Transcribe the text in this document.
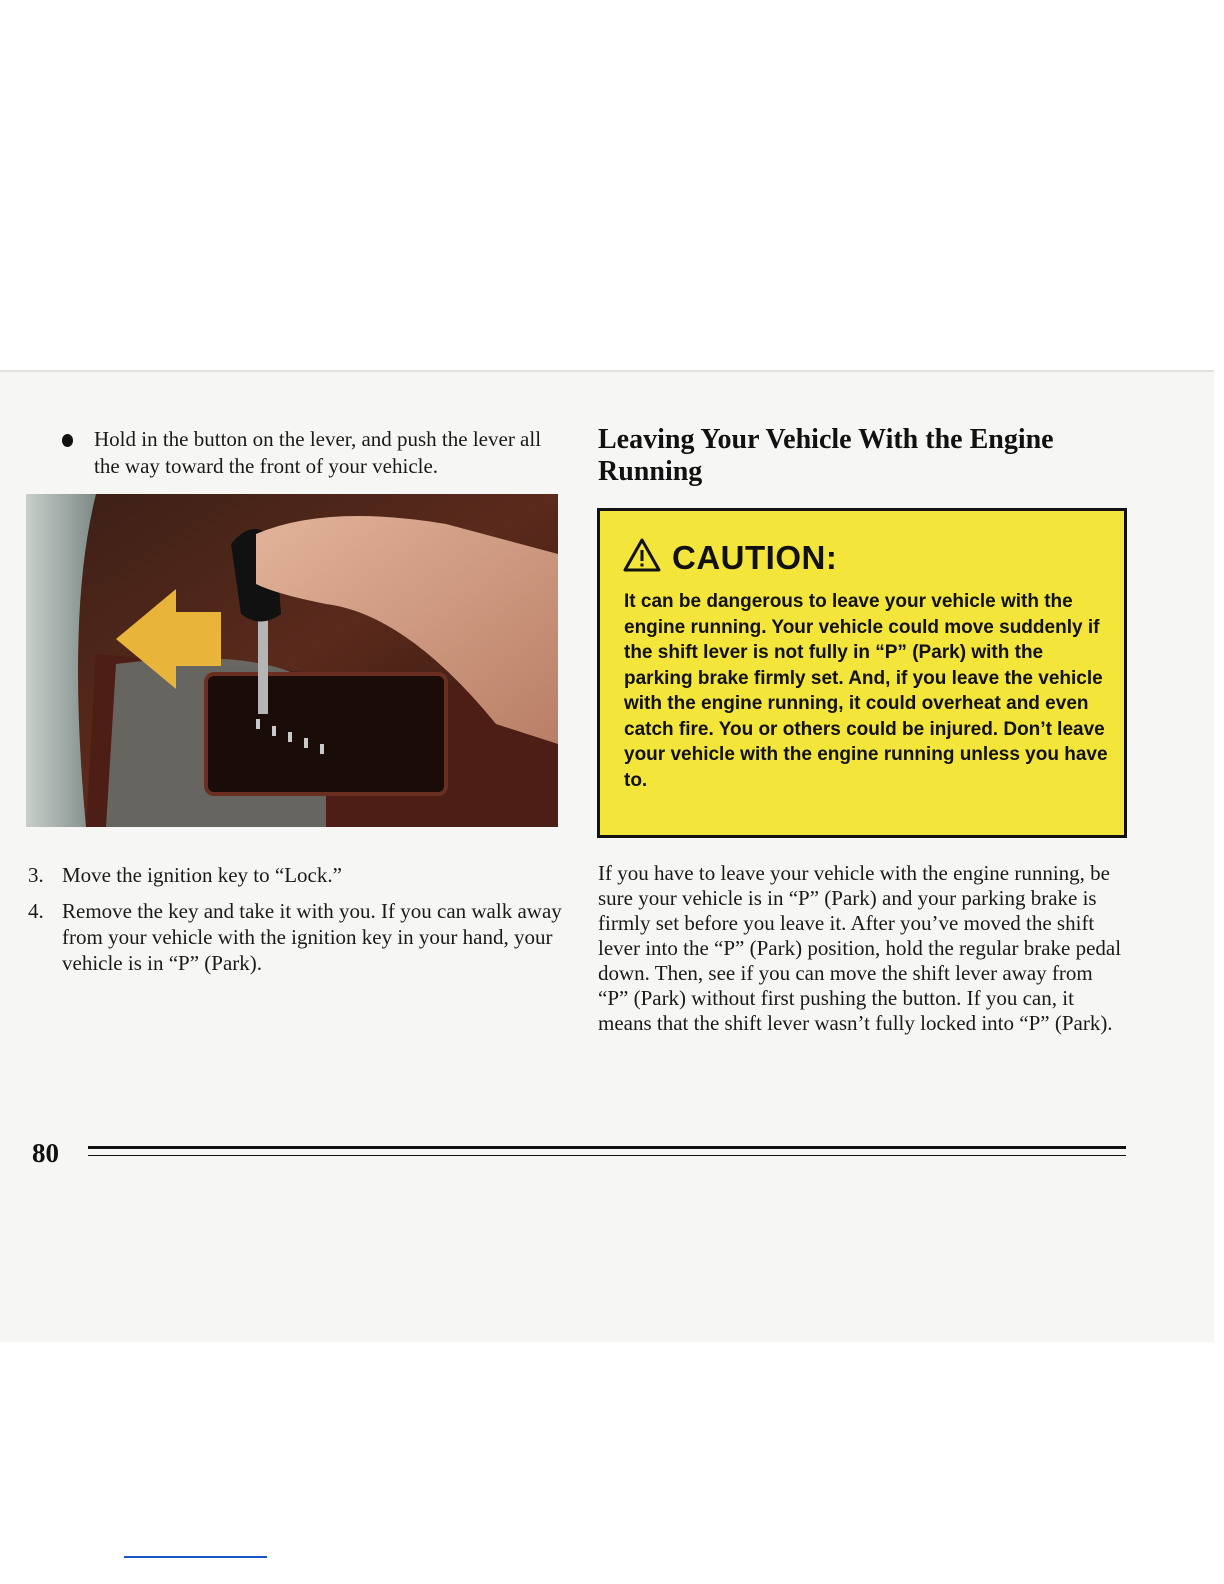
Hold in the button on the lever, and push the lever all the way toward the front of your vehicle.
3. Move the ignition key to “Lock.”
4. Remove the key and take it with you. If you can walk away from your vehicle with the ignition key in your hand, your vehicle is in “P” (Park).
Leaving Your Vehicle With the Engine Running
CAUTION:
It can be dangerous to leave your vehicle with the engine running. Your vehicle could move suddenly if the shift lever is not fully in “P” (Park) with the parking brake firmly set. And, if you leave the vehicle with the engine running, it could overheat and even catch fire. You or others could be injured. Don’t leave your vehicle with the engine running unless you have to.
If you have to leave your vehicle with the engine running, be sure your vehicle is in “P” (Park) and your parking brake is firmly set before you leave it. After you’ve moved the shift lever into the “P” (Park) position, hold the regular brake pedal down. Then, see if you can move the shift lever away from “P” (Park) without first pushing the button. If you can, it means that the shift lever wasn’t fully locked into “P” (Park).
80
